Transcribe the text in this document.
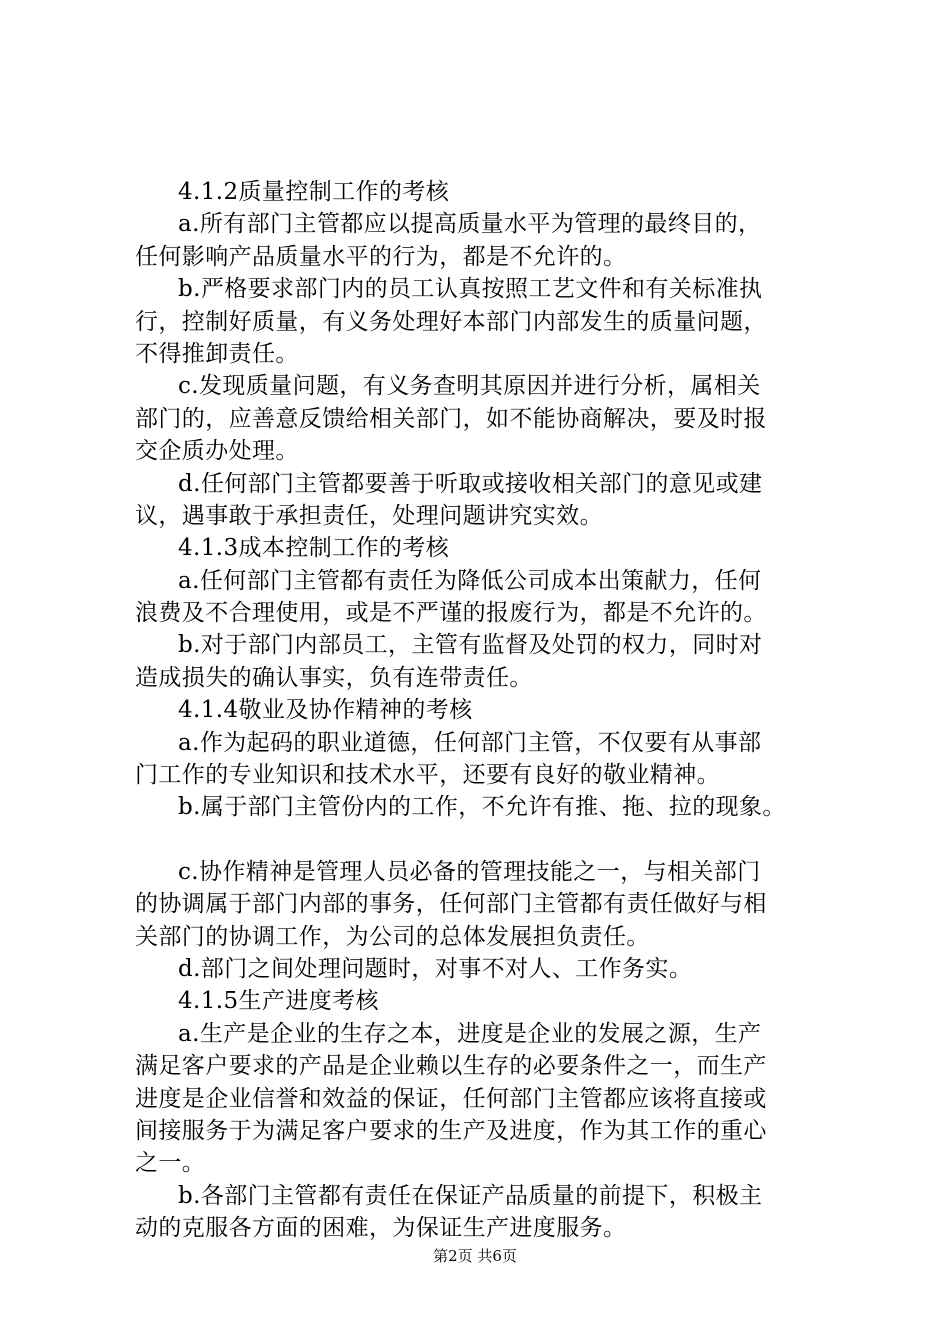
4.1.2质量控制工作的考核
a.所有部门主管都应以提高质量水平为管理的最终目的，
任何影响产品质量水平的行为，都是不允许的。
b.严格要求部门内的员工认真按照工艺文件和有关标准执
行，控制好质量，有义务处理好本部门内部发生的质量问题，
不得推卸责任。
c.发现质量问题，有义务查明其原因并进行分析，属相关
部门的，应善意反馈给相关部门，如不能协商解决，要及时报
交企质办处理。
d.任何部门主管都要善于听取或接收相关部门的意见或建
议，遇事敢于承担责任，处理问题讲究实效。
4.1.3成本控制工作的考核
a.任何部门主管都有责任为降低公司成本出策献力，任何
浪费及不合理使用，或是不严谨的报废行为，都是不允许的。
b.对于部门内部员工，主管有监督及处罚的权力，同时对
造成损失的确认事实，负有连带责任。
4.1.4敬业及协作精神的考核
a.作为起码的职业道德，任何部门主管，不仅要有从事部
门工作的专业知识和技术水平，还要有良好的敬业精神。
b.属于部门主管份内的工作，不允许有推、拖、拉的现象。
c.协作精神是管理人员必备的管理技能之一，与相关部门
的协调属于部门内部的事务，任何部门主管都有责任做好与相
关部门的协调工作，为公司的总体发展担负责任。
d.部门之间处理问题时，对事不对人、工作务实。
4.1.5生产进度考核
a.生产是企业的生存之本，进度是企业的发展之源，生产
满足客户要求的产品是企业赖以生存的必要条件之一，而生产
进度是企业信誉和效益的保证，任何部门主管都应该将直接或
间接服务于为满足客户要求的生产及进度，作为其工作的重心
之一。
b.各部门主管都有责任在保证产品质量的前提下，积极主
动的克服各方面的困难，为保证生产进度服务。
第2页 共6页
